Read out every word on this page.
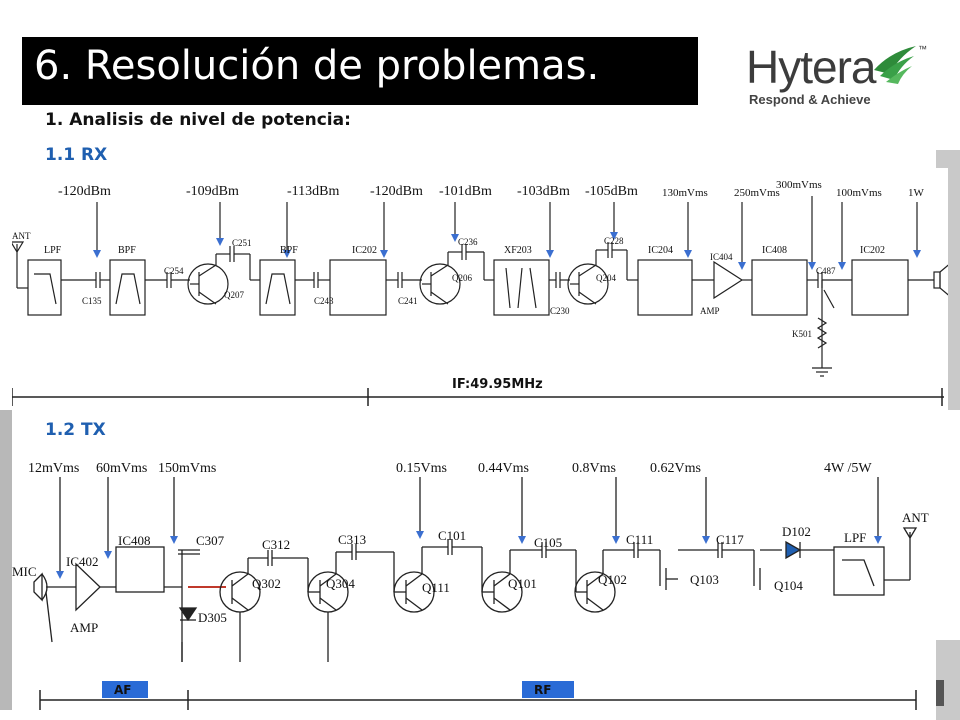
6. Resolución de problemas.	Hytera	™
Respond & Achieve
1. Analisis de nivel de potencia:
1.1 RX
1.2 TX
-120dBm	-109dBm	-113dBm -120dBm -101dBm -103dBm -105dBm 130mVms 250mVms
300mVms
100mVms 1W
LPF	BPF	BPF	IC202	XF203	IC204	IC408	IC202
ANT
C135
C254
C251
Q207
C243	C241
C236
Q206
C230
C228
Q204
IC404
AMP
C487
K501
IF:49.95MHz
12mVms 60mVms 150mVms	0.15Vms 0.44Vms	0.8Vms 0.62Vms	4W /5W
MIC
IC402
AMP
IC408	C307
D305
C312
Q302
C313
Q304
C101
Q111
C105
Q101
C111
Q102
C117
Q103
D102
Q104
LPF
ANT
AF	RF
